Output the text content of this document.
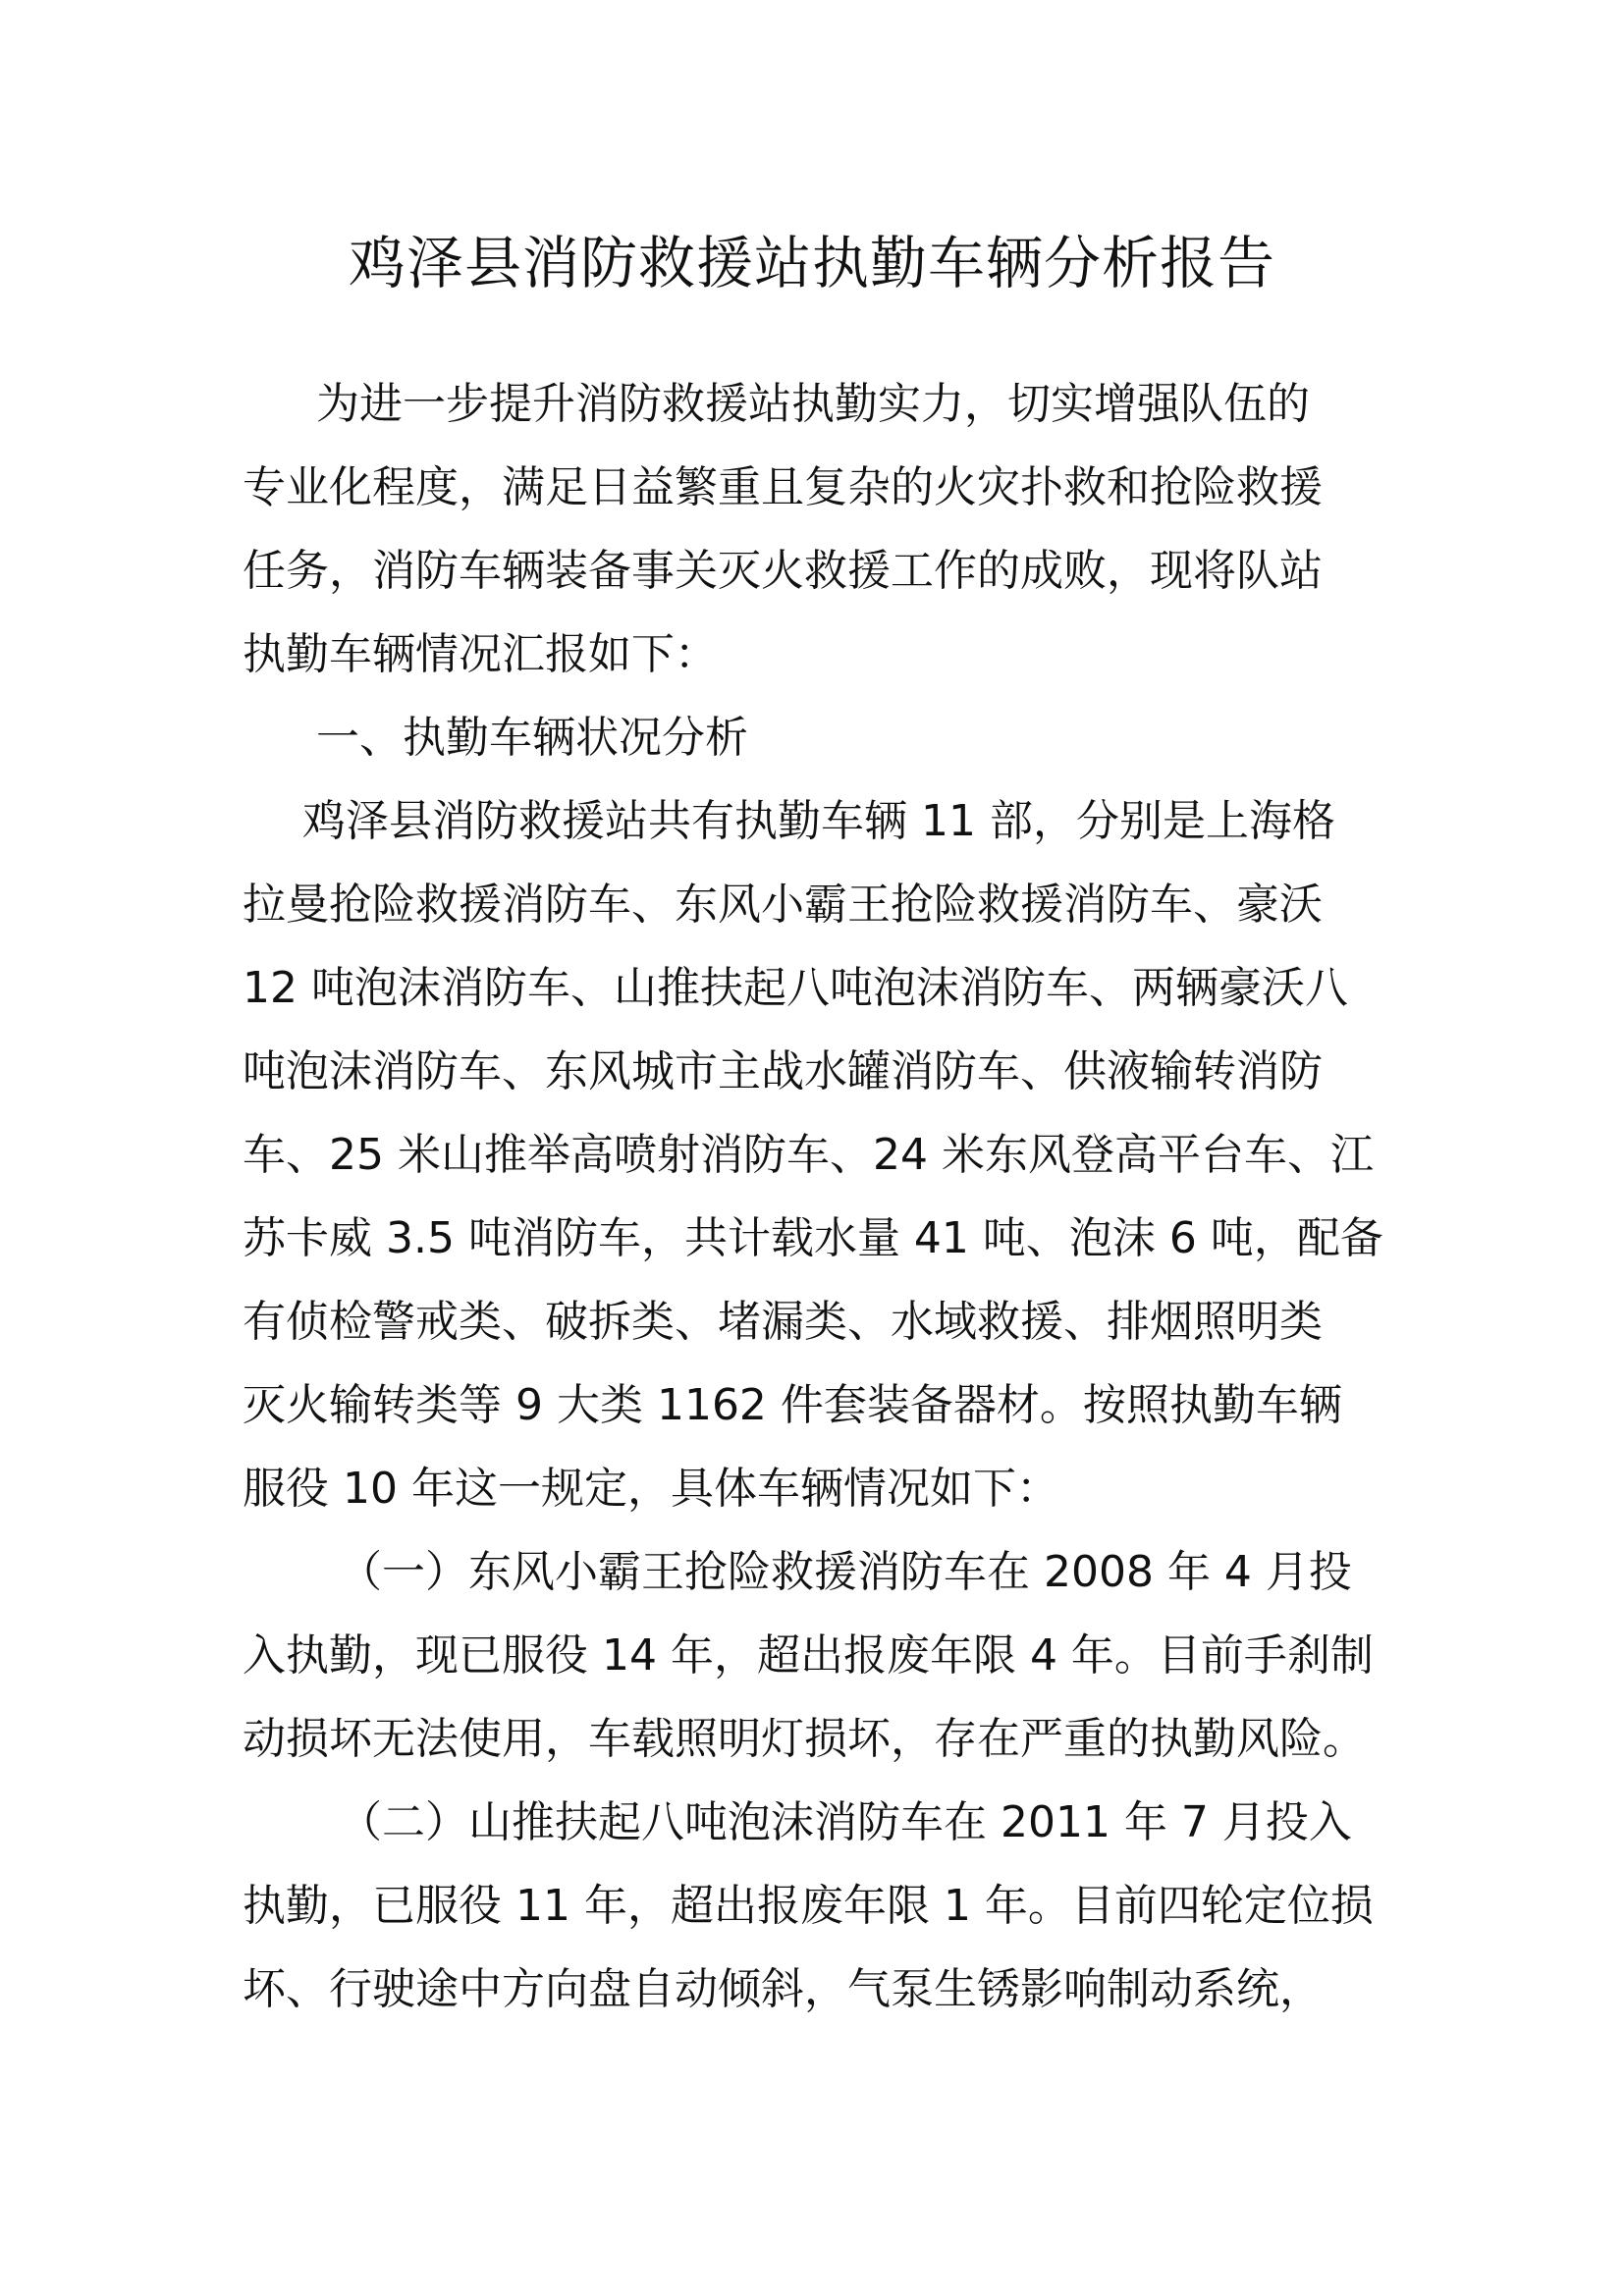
鸡泽县消防救援站执勤车辆分析报告

为进一步提升消防救援站执勤实力，切实增强队伍的

专业化程度，满足日益繁重且复杂的火灾扑救和抢险救援

任务，消防车辆装备事关灭火救援工作的成败，现将队站

执勤车辆情况汇报如下：

一、执勤车辆状况分析

鸡泽县消防救援站共有执勤车辆 11 部，分别是上海格

拉曼抢险救援消防车、东风小霸王抢险救援消防车、豪沃

12 吨泡沫消防车、山推扶起八吨泡沫消防车、两辆豪沃八

吨泡沫消防车、东风城市主战水罐消防车、供液输转消防

车、25 米山推举高喷射消防车、24 米东风登高平台车、江

苏卡威 3.5 吨消防车，共计载水量 41 吨、泡沫 6 吨，配备

有侦检警戒类、破拆类、堵漏类、水域救援、排烟照明类

灭火输转类等 9 大类 1162 件套装备器材。按照执勤车辆

服役 10 年这一规定，具体车辆情况如下：

（一）东风小霸王抢险救援消防车在 2008 年 4 月投

入执勤，现已服役 14 年，超出报废年限 4 年。目前手刹制

动损坏无法使用，车载照明灯损坏，存在严重的执勤风险。

（二）山推扶起八吨泡沫消防车在 2011 年 7 月投入

执勤，已服役 11 年，超出报废年限 1 年。目前四轮定位损

坏、行驶途中方向盘自动倾斜，气泵生锈影响制动系统，
